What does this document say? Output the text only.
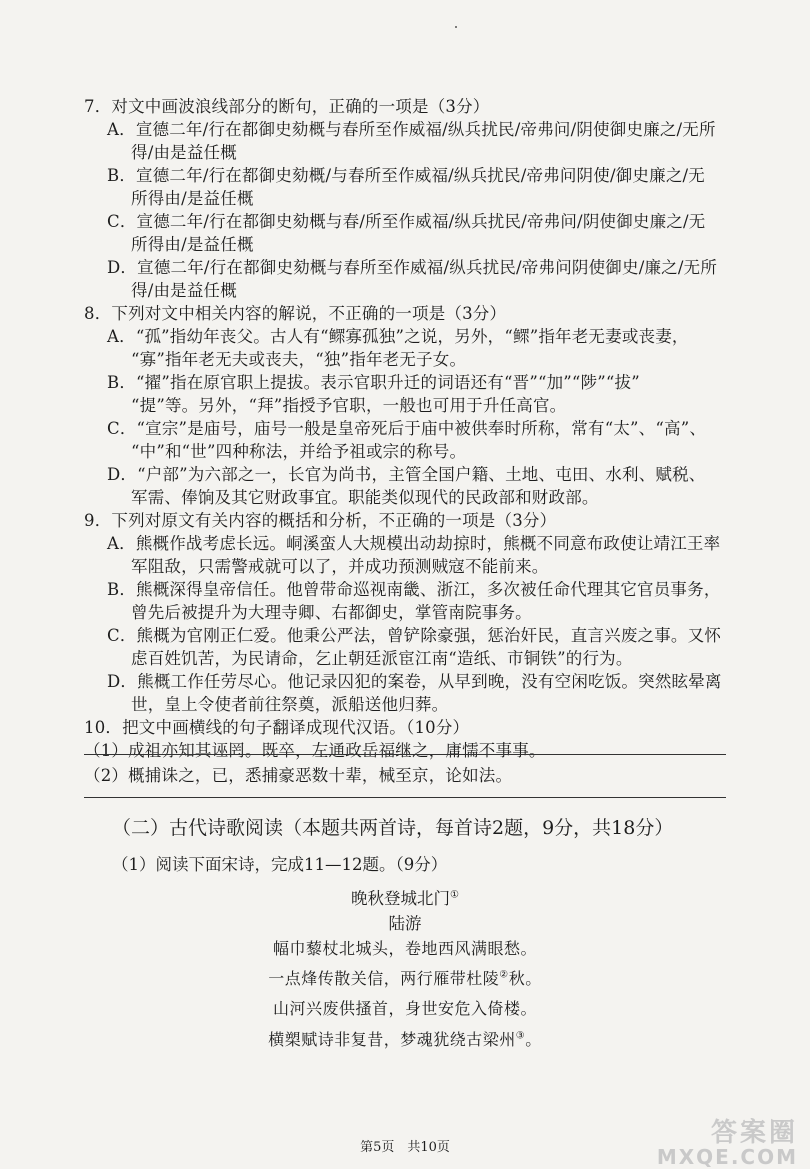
7．对文中画波浪线部分的断句，正确的一项是（3分）
A．宣德二年/行在都御史劾概与春所至作威福/纵兵扰民/帝弗问/阴使御史廉之/无所
得/由是益任概
B．宣德二年/行在都御史劾概/与春所至作威福/纵兵扰民/帝弗问阴使/御史廉之/无
所得由/是益任概
C．宣德二年/行在都御史劾概与春/所至作威福/纵兵扰民/帝弗问/阴使御史廉之/无
所得由/是益任概
D．宣德二年/行在都御史劾概与春所至作威福/纵兵扰民/帝弗问阴使御史/廉之/无所
得/由是益任概
8．下列对文中相关内容的解说，不正确的一项是（3分）
A．“孤”指幼年丧父。古人有“鳏寡孤独”之说，另外，“鳏”指年老无妻或丧妻，
“寡”指年老无夫或丧夫，“独”指年老无子女。
B．“擢”指在原官职上提拔。表示官职升迁的词语还有“晋”“加”“陟”“拔”
“提”等。另外，“拜”指授予官职，一般也可用于升任高官。
C．“宣宗”是庙号，庙号一般是皇帝死后于庙中被供奉时所称，常有“太”、“高”、
“中”和“世”四种称法，并给予祖或宗的称号。
D．“户部”为六部之一，长官为尚书，主管全国户籍、土地、屯田、水利、赋税、
军需、俸饷及其它财政事宜。职能类似现代的民政部和财政部。
9．下列对原文有关内容的概括和分析，不正确的一项是（3分）
A．熊概作战考虑长远。峒溪蛮人大规模出动劫掠时，熊概不同意布政使让靖江王率
军阻敌，只需警戒就可以了，并成功预测贼寇不能前来。
B．熊概深得皇帝信任。他曾带命巡视南畿、浙江，多次被任命代理其它官员事务，
曾先后被提升为大理寺卿、右都御史，掌管南院事务。
C．熊概为官刚正仁爱。他秉公严法，曾铲除豪强，惩治奸民，直言兴废之事。又怀
虑百姓饥苦，为民请命，乞止朝廷派宦江南“造纸、市铜铁”的行为。
D．熊概工作任劳尽心。他记录囚犯的案卷，从早到晚，没有空闲吃饭。突然眩晕离
世，皇上令使者前往祭奠，派船送他归葬。
10．把文中画横线的句子翻译成现代汉语。（10分）
（1）成祖亦知其诬罔。既卒，左通政岳福继之，庸懦不事事。
（2）概捕诛之，已，悉捕豪恶数十辈，械至京，论如法。
（二）古代诗歌阅读（本题共两首诗，每首诗2题，9分，共18分）
（1）阅读下面宋诗，完成11—12题。（9分）
晚秋登城北门①
陆游
幅巾藜杖北城头，卷地西风满眼愁。
一点烽传散关信，两行雁带杜陵②秋。
山河兴废供搔首，身世安危入倚楼。
横槊赋诗非复昔，梦魂犹绕古梁州③。
第5页　共10页	答案圈
MXQE.COM
